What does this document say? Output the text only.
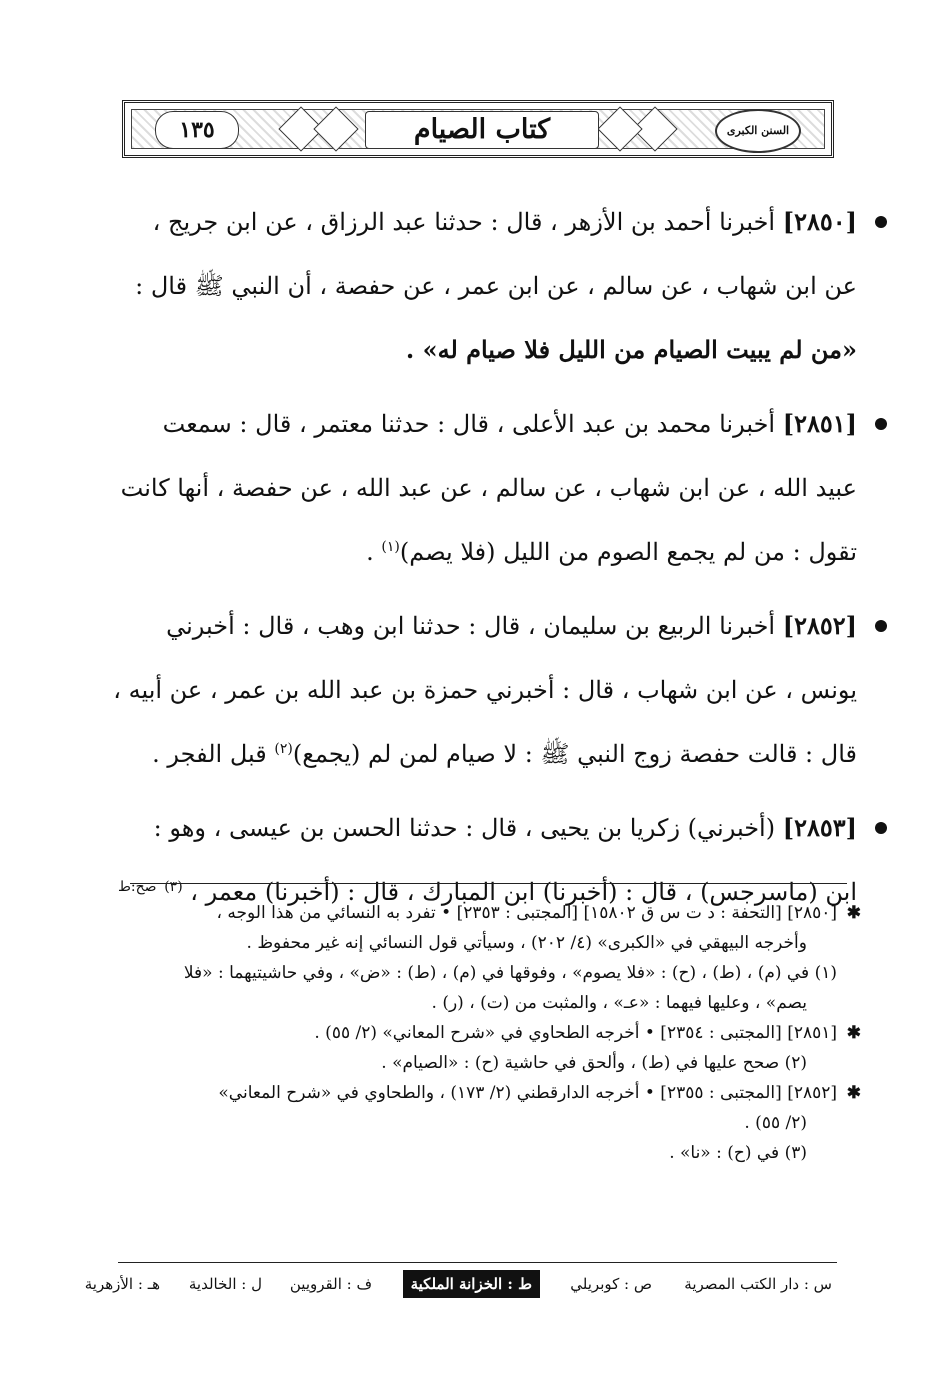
السنن الكبرى
كتاب الصيام
١٣٥
[٢٨٥٠] أخبرنا أحمد بن الأزهر ، قال : حدثنا عبد الرزاق ، عن ابن جريج ،
عن ابن شهاب ، عن سالم ، عن ابن عمر ، عن حفصة ، أن النبي ﷺ قال :
«من لم يبيت الصيام من الليل فلا صيام له» .
[٢٨٥١] أخبرنا محمد بن عبد الأعلى ، قال : حدثنا معتمر ، قال : سمعت
عبيد الله ، عن ابن شهاب ، عن سالم ، عن عبد الله ، عن حفصة ، أنها كانت
تقول : من لم يجمع الصوم من الليل (فلا يصم)$^{(١)}$ .
[٢٨٥٢] أخبرنا الربيع بن سليمان ، قال : حدثنا ابن وهب ، قال : أخبرني
يونس ، عن ابن شهاب ، قال : أخبرني حمزة بن عبد الله بن عمر ، عن أبيه ،
قال : قالت حفصة زوج النبي ﷺ : لا صيام لمن لم (يجمع)$^{(٢)}$ قبل الفجر .
[٢٨٥٣] (أخبرني) زكريا بن يحيى ، قال : حدثنا الحسن بن عيسى ، وهو :
ابن (ماسرجس) ، قال : (أخبرنا) ابن المبارك ، قال : (أخبرنا) معمر ، $^{(٣)}$ $^{صح:ط}$
✱
[٢٨٥٠] [التحفة : د ت س ق ١٥٨٠٢] [المجتبى : ٢٣٥٣] • تفرد به النسائي من هذا الوجه ،
وأخرجه البيهقي في «الكبرى» (٤/ ٢٠٢) ، وسيأتي قول النسائي إنه غير محفوظ .
(١) في (م) ، (ط) ، (ح) : «فلا يصوم» ، وفوقها في (م) ، (ط) : «ض» ، وفي حاشيتيهما : «فلا
يصم» ، وعليها فيهما : «عـ» ، والمثبت من (ت) ، (ر) .
✱
[٢٨٥١] [المجتبى : ٢٣٥٤] • أخرجه الطحاوي في «شرح المعاني» (٢/ ٥٥) .
(٢) صحح عليها في (ط) ، وألحق في حاشية (ح) : «الصيام» .
✱
[٢٨٥٢] [المجتبى : ٢٣٥٥] • أخرجه الدارقطني (٢/ ١٧٣) ، والطحاوي في «شرح المعاني»
(٢/ ٥٥) .
(٣) في (ح) : «نا» .
س : دار الكتب المصرية
ص : كوبريلي
ط : الخزانة الملكية
ف : القرويين
ل : الخالدية
هـ : الأزهرية
